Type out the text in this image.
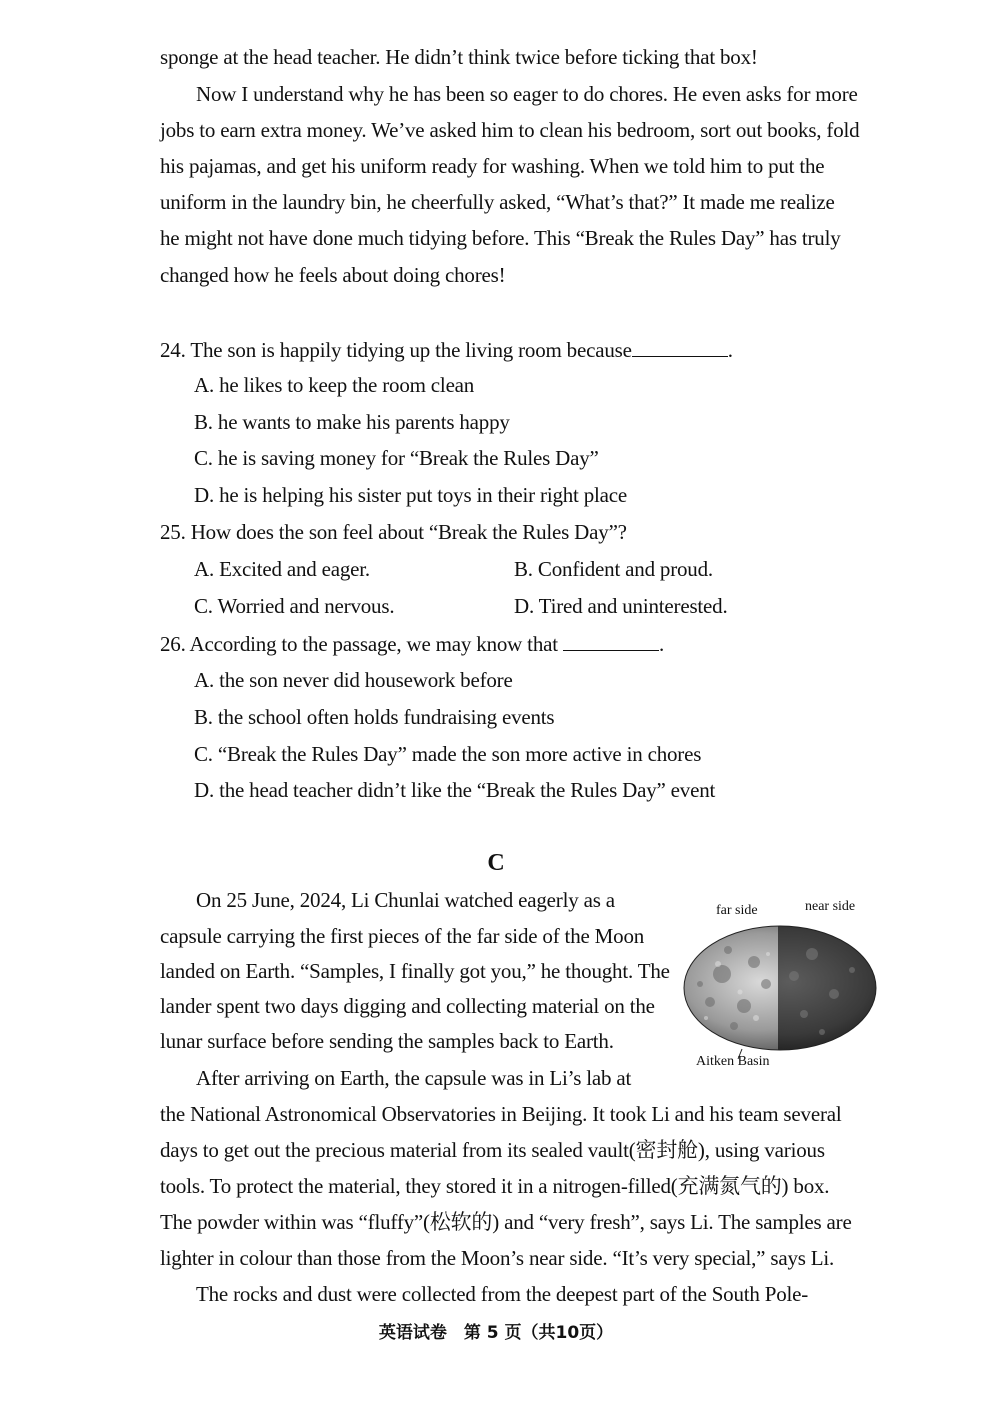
sponge at the head teacher. He didn’t think twice before ticking that box!
Now I understand why he has been so eager to do chores. He even asks for more
jobs to earn extra money. We’ve asked him to clean his bedroom, sort out books, fold
his pajamas, and get his uniform ready for washing. When we told him to put the
uniform in the laundry bin, he cheerfully asked, “What’s that?” It made me realize
he might not have done much tidying before. This “Break the Rules Day” has truly
changed how he feels about doing chores!
24. The son is happily tidying up the living room because	.
A. he likes to keep the room clean
B. he wants to make his parents happy
C. he is saving money for “Break the Rules Day”
D. he is helping his sister put toys in their right place
25. How does the son feel about “Break the Rules Day”?
A. Excited and eager.	B. Confident and proud.
C. Worried and nervous.	D. Tired and uninterested.
26. According to the passage, we may know that	.
A. the son never did housework before
B. the school often holds fundraising events
C. “Break the Rules Day” made the son more active in chores
D. the head teacher didn’t like the “Break the Rules Day” event
C
On 25 June, 2024, Li Chunlai watched eagerly as a
capsule carrying the first pieces of the far side of the Moon
landed on Earth. “Samples, I finally got you,” he thought. The
lander spent two days digging and collecting material on the
lunar surface before sending the samples back to Earth.
After arriving on Earth, the capsule was in Li’s lab at
the National Astronomical Observatories in Beijing. It took Li and his team several
days to get out the precious material from its sealed vault(密封舱), using various
tools. To protect the material, they stored it in a nitrogen-filled(充满氮气的) box.
The powder within was “fluffy”(松软的) and “very fresh”, says Li. The samples are
lighter in colour than those from the Moon’s near side. “It’s very special,” says Li.
The rocks and dust were collected from the deepest part of the South Pole-
far side	near side
Aitken Basin
英语试卷　第 5 页（共10页）
